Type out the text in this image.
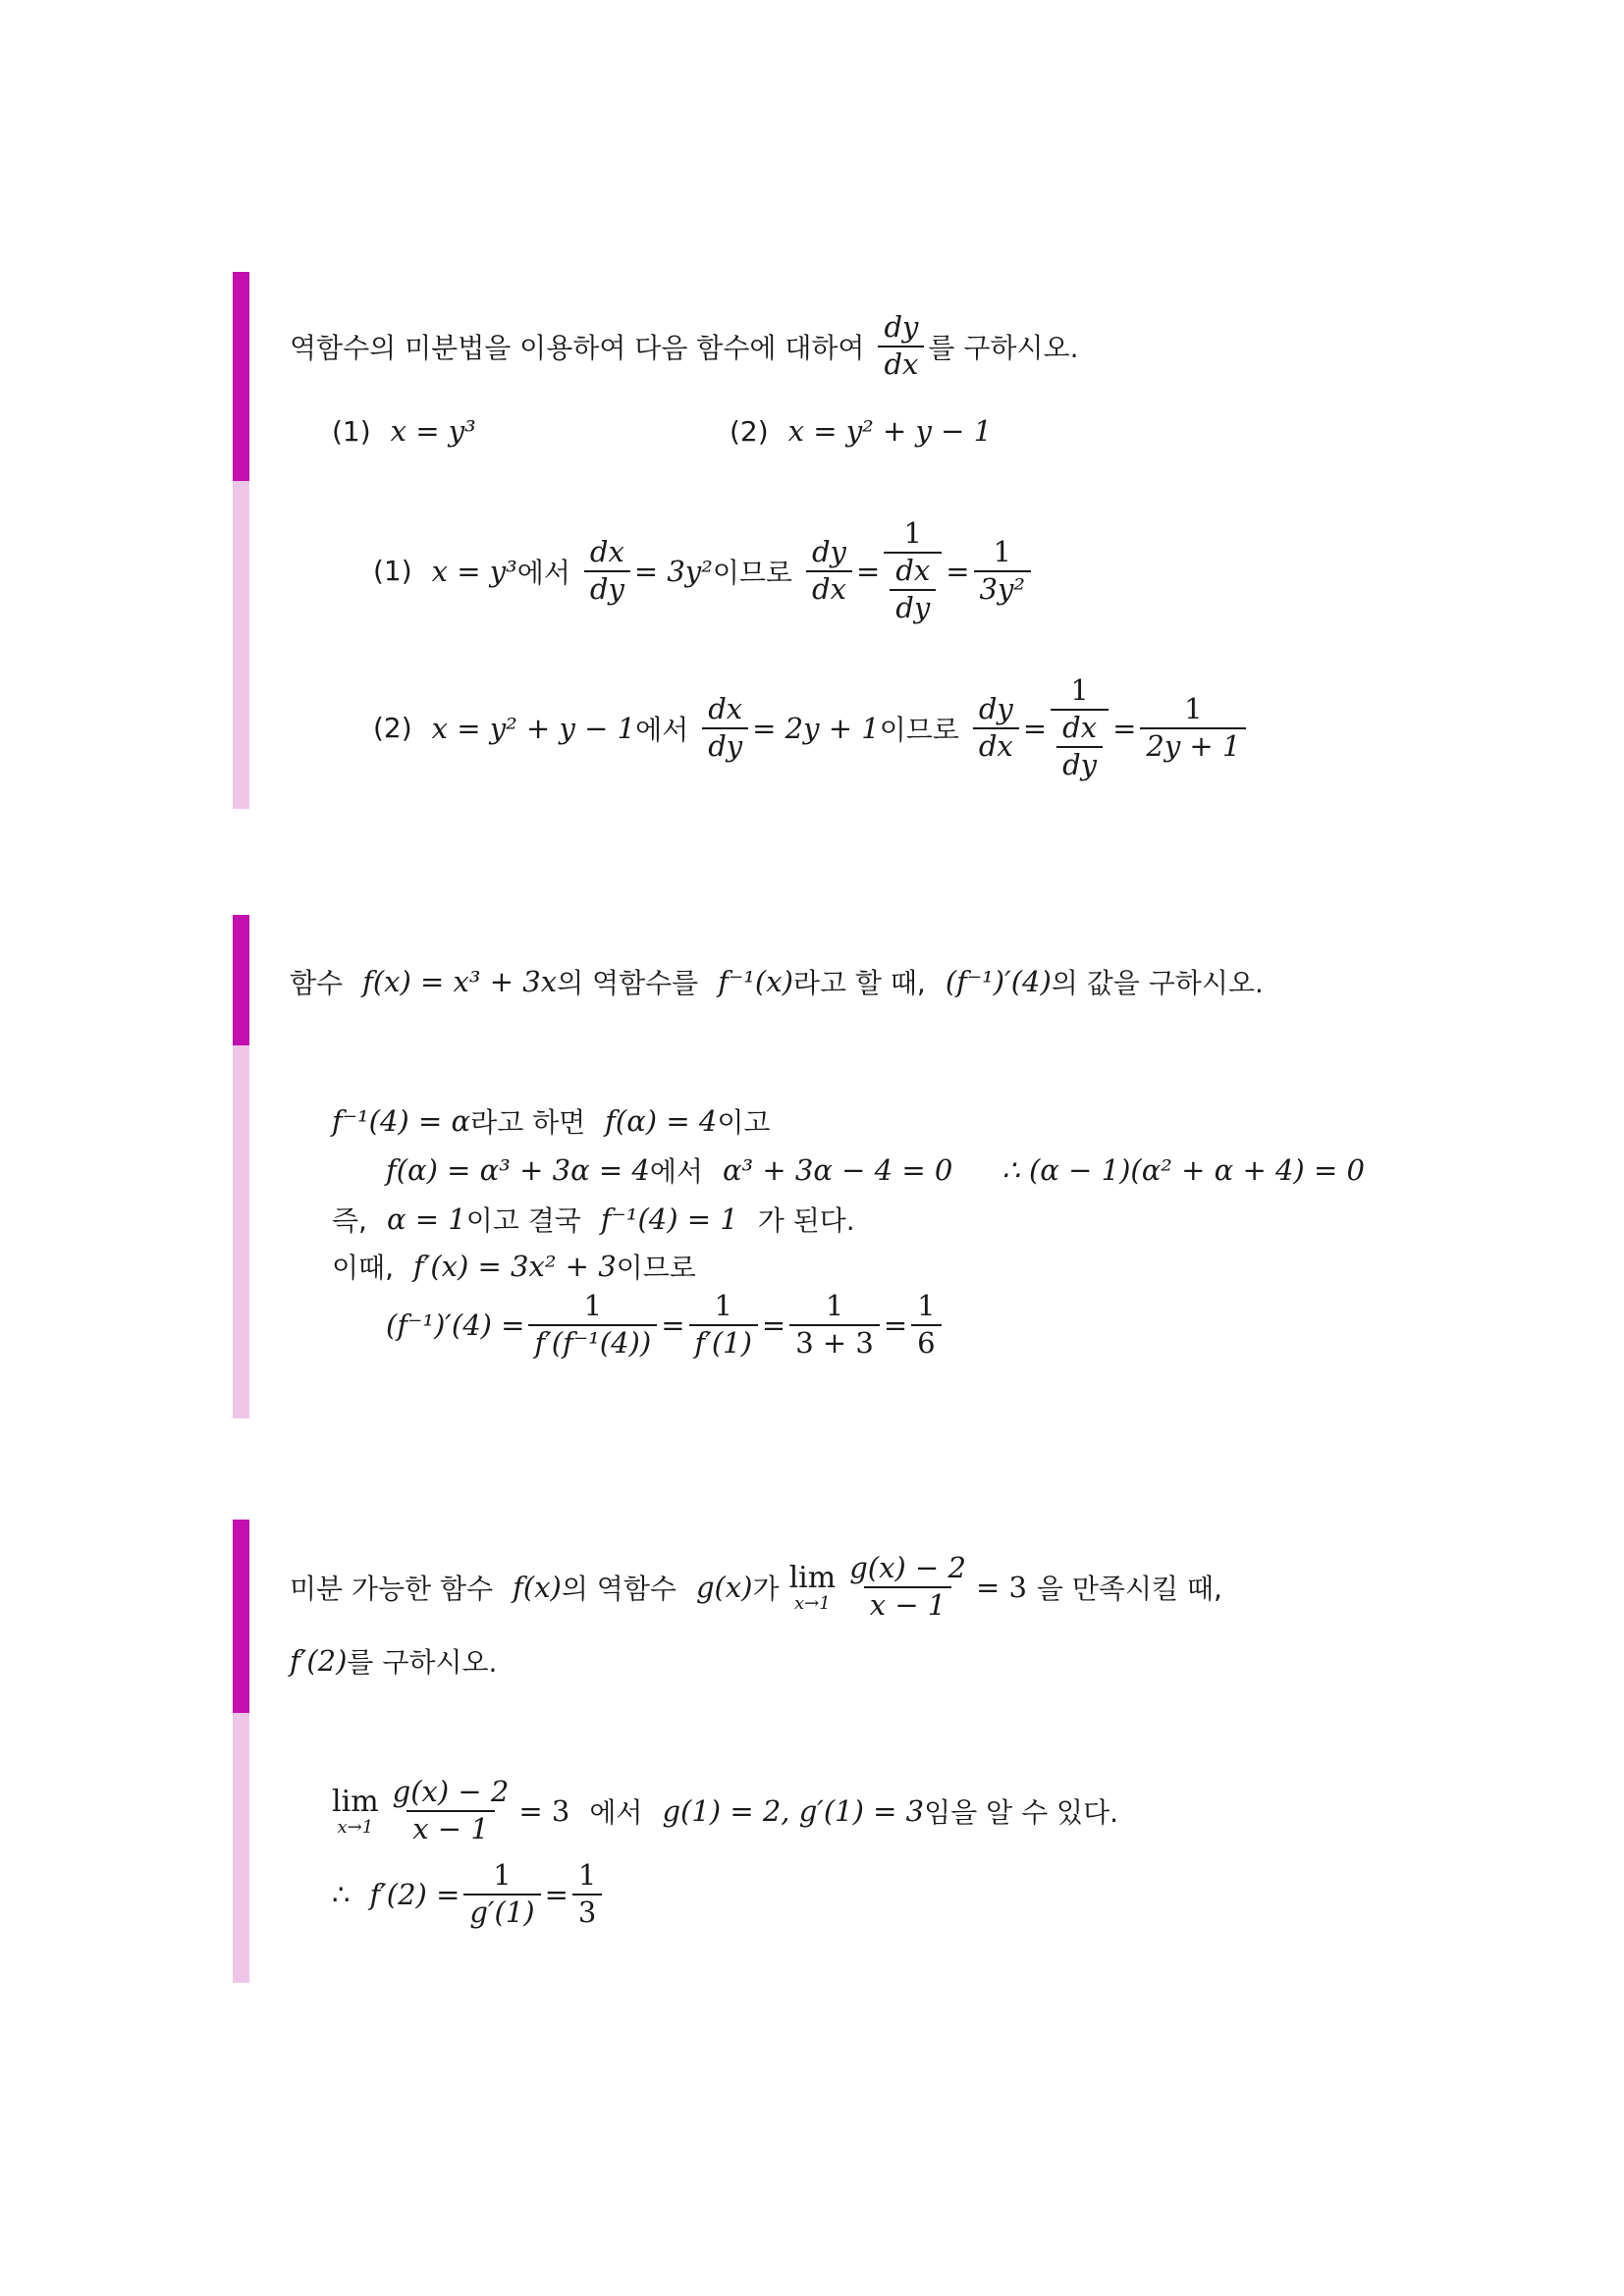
역함수의 미분법을 이용하여 다음 함수에 대하여 $\frac{dy}{dx}$ 를 구하시오.
(1) x = y³	(2) x = y² + y − 1
(1) x = y³ 에서 $\frac{dx}{dy} = 3y^2$ 이므로 $\frac{dy}{dx} = \frac{1}{\frac{dx}{dy}} = \frac{1}{\text{3y²}}$
(2) x = y² + y − 1 에서 $\frac{dx}{dy} = 2y + 1$ 이므로 $\frac{dy}{dx} = \frac{1}{\frac{dx}{dy}} = \frac{1}{2y + 1}$
함수 f(x) = x³ + 3x 의 역함수를 f⁻¹(x) 라고 할 때, (f⁻¹)′(4) 의 값을 구하시오.
f⁻¹(4) = α 라고 하면 f(α) = 4 이고
f(α) = α³ + 3α = 4 에서 α³ + 3α − 4 = 0 ∴ (α − 1)(α² + α + 4) = 0
즉, α = 1 이고 결국 f⁻¹(4) = 1 가 된다.
이때, f′(x) = 3x² + 3 이므로
$(f^{-1})'(4) = \frac{1}{\text{f′(f⁻¹(4))}} = \frac{1}{f'(1)} = \frac{1}{3 + 3} = \frac{1}{6}$
미분 가능한 함수 f(x) 의 역함수 g(x) 가 lim
$x\to 1 \frac{g(x) - 2}{x - 1} = 3$ 을 만족시킬 때,
f′(2) 를 구하시오.
lim
$x\to 1 \frac{g(x) - 2}{x - 1} = 3$ 에서 g(1) = 2, g′(1) = 3 임을 알 수 있다.
∴ $f'(2) = \frac{1}{g'(1)} = \frac{1}{3}$
